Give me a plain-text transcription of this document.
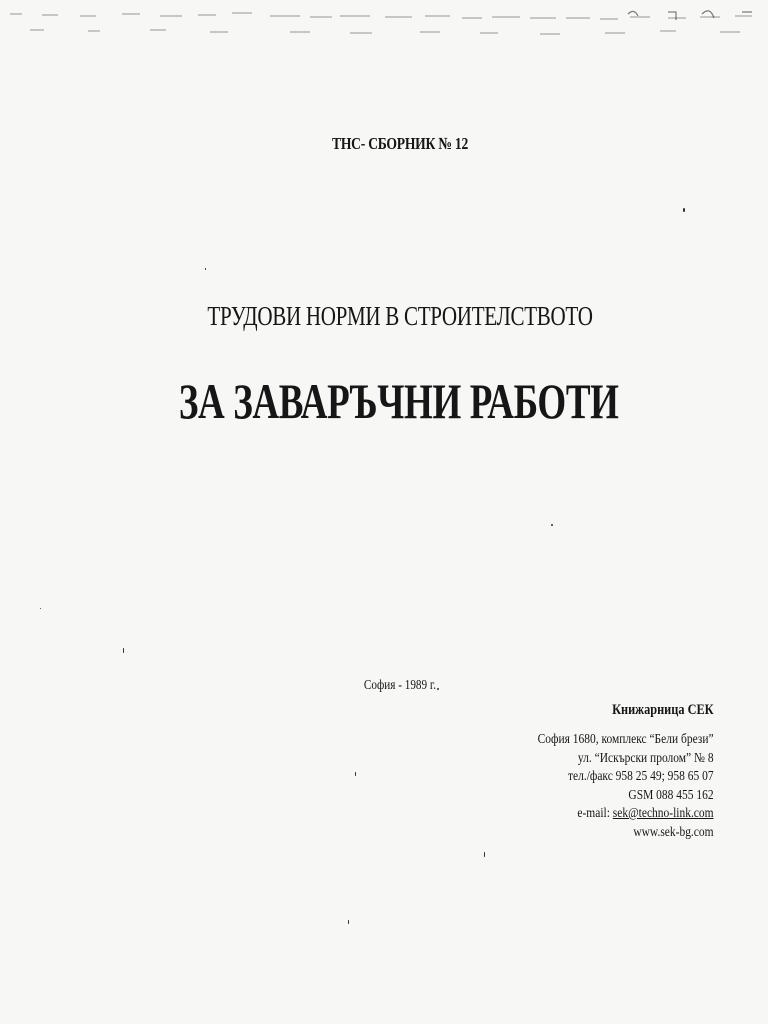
ТНС- СБОРНИК № 12
ТРУДОВИ НОРМИ В СТРОИТЕЛСТВОТО
ЗА ЗАВАРЪЧНИ РАБОТИ
София - 1989 г.
Книжарница СЕК
София 1680, комплекс “Бели брези”
ул. “Искърски пролом” № 8
тел./факс 958 25 49; 958 65 07
GSM 088 455 162
e-mail: sek@techno-link.com
www.sek-bg.com
